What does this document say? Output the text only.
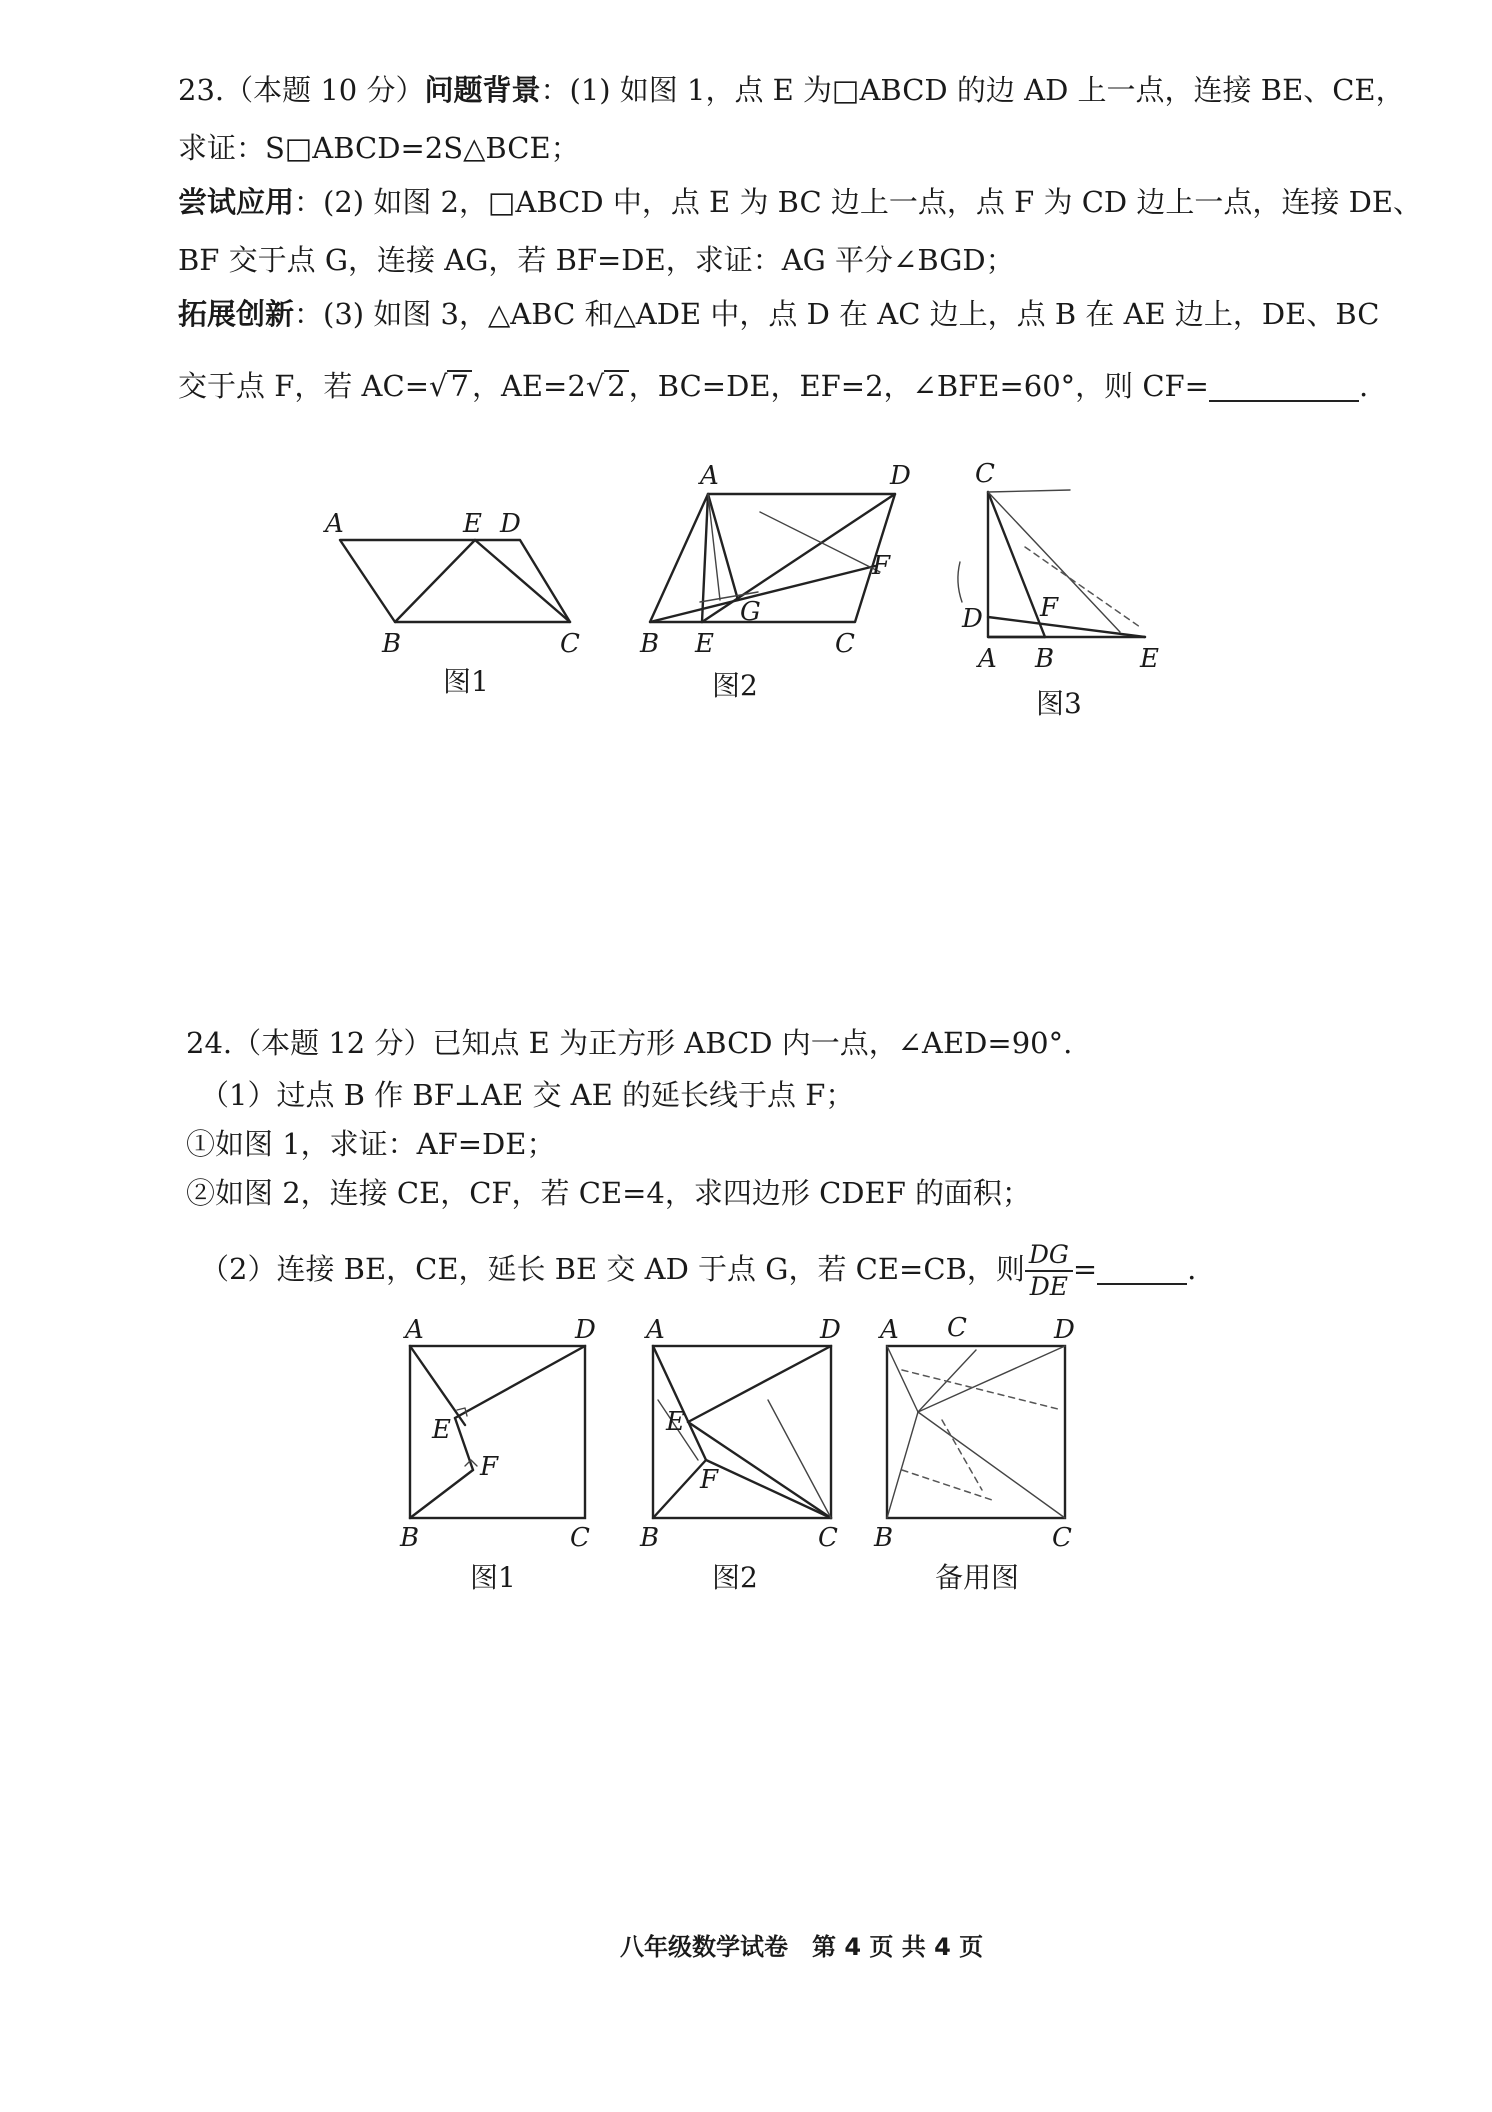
23.（本题 10 分）问题背景：(1) 如图 1，点 E 为□ABCD 的边 AD 上一点，连接 BE、CE，
求证：S□ABCD=2S△BCE；
尝试应用：(2) 如图 2，□ABCD 中，点 E 为 BC 边上一点，点 F 为 CD 边上一点，连接 DE、
BF 交于点 G，连接 AG，若 BF=DE，求证：AG 平分∠BGD；
拓展创新：(3) 如图 3，△ABC 和△ADE 中，点 D 在 AC 边上，点 B 在 AE 边上，DE、BC
交于点 F，若 AC=√ 7 ，AE=2√ 2 ，BC=DE，EF=2，∠BFE=60°，则 CF=	.
A	E D
B	C
图1
A	D
F
G
B E	C
图2
C
D F
A B	E
图3
24.（本题 12 分）已知点 E 为正方形 ABCD 内一点，∠AED=90°.
（1）过点 B 作 BF⊥AE 交 AE 的延长线于点 F；
①如图 1，求证：AF=DE；
②如图 2，连接 CE，CF，若 CE=4，求四边形 CDEF 的面积；
（2）连接 BE，CE，延长 BE 交 AD 于点 G，若 CE=CB，则 $\frac{DG}{DE}$ =	.
A	D
E
F
B	C
图1
A	D
E
F
B	C
图2
A C	D
B	C
备用图
八年级数学试卷　第 4 页 共 4 页
